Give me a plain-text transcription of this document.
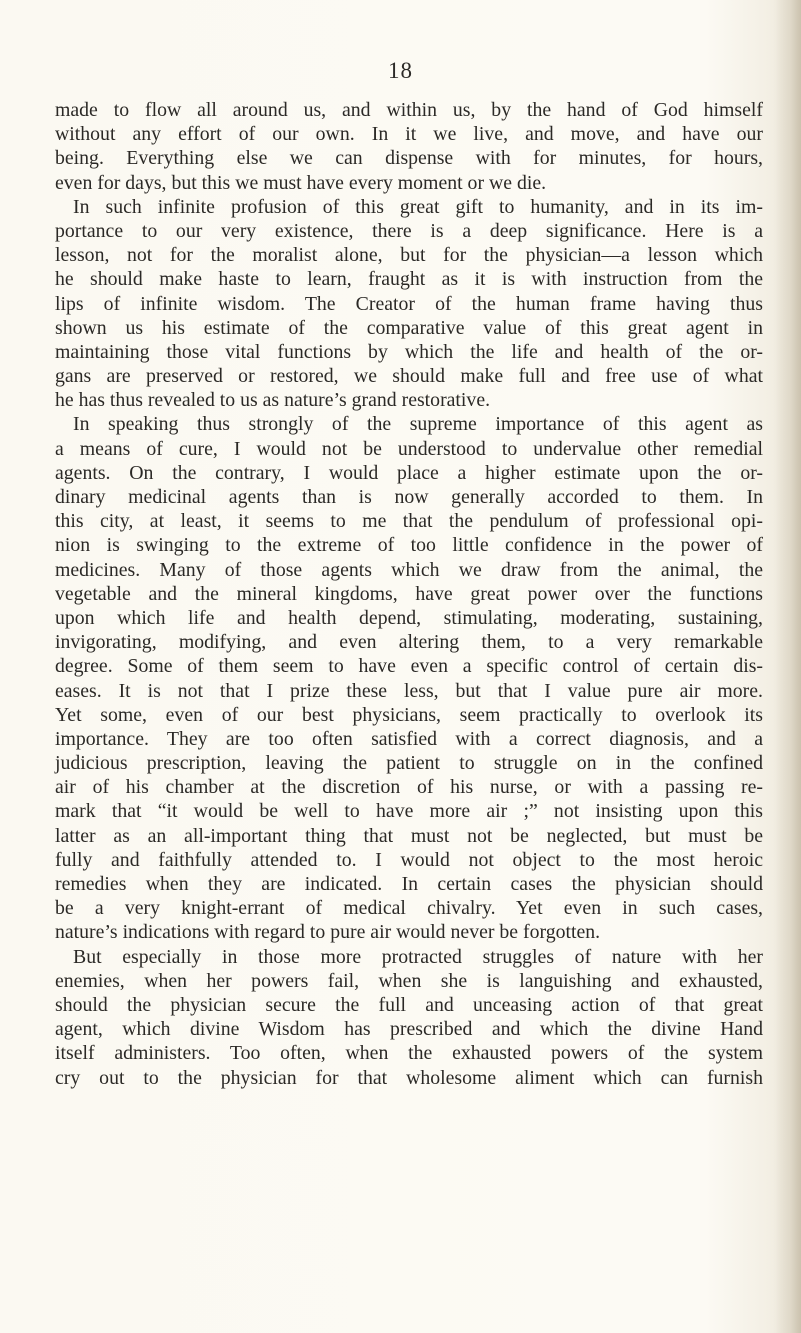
18
made to flow all around us, and within us, by the hand of God himself
without any effort of our own. In it we live, and move, and have our
being. Everything else we can dispense with for minutes, for hours,
even for days, but this we must have every moment or we die.
In such infinite profusion of this great gift to humanity, and in its im-
portance to our very existence, there is a deep significance. Here is a
lesson, not for the moralist alone, but for the physician—a lesson which
he should make haste to learn, fraught as it is with instruction from the
lips of infinite wisdom. The Creator of the human frame having thus
shown us his estimate of the comparative value of this great agent in
maintaining those vital functions by which the life and health of the or-
gans are preserved or restored, we should make full and free use of what
he has thus revealed to us as nature’s grand restorative.
In speaking thus strongly of the supreme importance of this agent as
a means of cure, I would not be understood to undervalue other remedial
agents. On the contrary, I would place a higher estimate upon the or-
dinary medicinal agents than is now generally accorded to them. In
this city, at least, it seems to me that the pendulum of professional opi-
nion is swinging to the extreme of too little confidence in the power of
medicines. Many of those agents which we draw from the animal, the
vegetable and the mineral kingdoms, have great power over the functions
upon which life and health depend, stimulating, moderating, sustaining,
invigorating, modifying, and even altering them, to a very remarkable
degree. Some of them seem to have even a specific control of certain dis-
eases. It is not that I prize these less, but that I value pure air more.
Yet some, even of our best physicians, seem practically to overlook its
importance. They are too often satisfied with a correct diagnosis, and a
judicious prescription, leaving the patient to struggle on in the confined
air of his chamber at the discretion of his nurse, or with a passing re-
mark that “it would be well to have more air ;” not insisting upon this
latter as an all-important thing that must not be neglected, but must be
fully and faithfully attended to. I would not object to the most heroic
remedies when they are indicated. In certain cases the physician should
be a very knight-errant of medical chivalry. Yet even in such cases,
nature’s indications with regard to pure air would never be forgotten.
But especially in those more protracted struggles of nature with her
enemies, when her powers fail, when she is languishing and exhausted,
should the physician secure the full and unceasing action of that great
agent, which divine Wisdom has prescribed and which the divine Hand
itself administers. Too often, when the exhausted powers of the system
cry out to the physician for that wholesome aliment which can furnish
